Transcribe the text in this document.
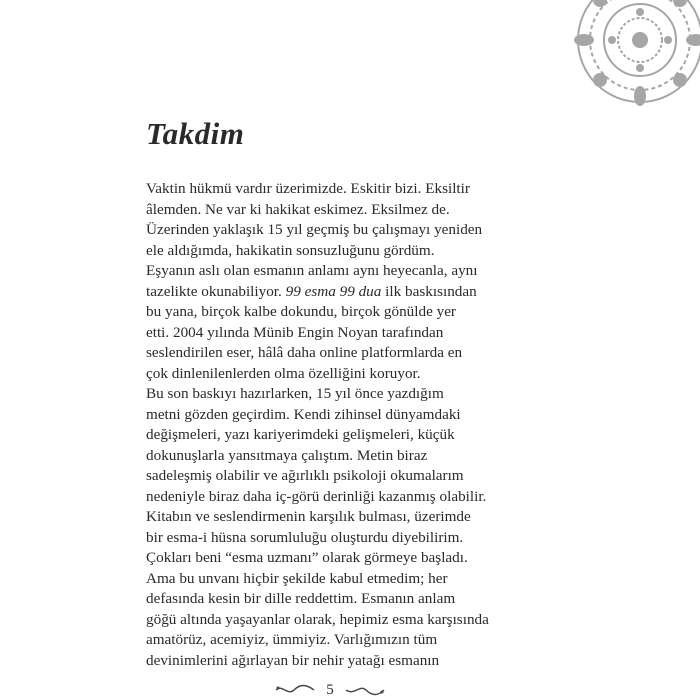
Takdim
Vaktin hükmü vardır üzerimizde. Eskitir bizi. Eksiltir
âlemden. Ne var ki hakikat eskimez. Eksilmez de.
Üzerinden yaklaşık 15 yıl geçmiş bu çalışmayı yeniden
ele aldığımda, hakikatin sonsuzluğunu gördüm.
Eşyanın aslı olan esmanın anlamı aynı heyecanla, aynı
tazelikte okunabiliyor. 99 esma 99 dua ilk baskısından
bu yana, birçok kalbe dokundu, birçok gönülde yer
etti. 2004 yılında Münib Engin Noyan tarafından
seslendirilen eser, hâlâ daha online platformlarda en
çok dinlenilenlerden olma özelliğini koruyor.
Bu son baskıyı hazırlarken, 15 yıl önce yazdığım
metni gözden geçirdim. Kendi zihinsel dünyamdaki
değişmeleri, yazı kariyerimdeki gelişmeleri, küçük
dokunuşlarla yansıtmaya çalıştım. Metin biraz
sadeleşmiş olabilir ve ağırlıklı psikoloji okumalarım
nedeniyle biraz daha iç-görü derinliği kazanmış olabilir.
Kitabın ve seslendirmenin karşılık bulması, üzerimde
bir esma-i hüsna sorumluluğu oluşturdu diyebilirim.
Çokları beni “esma uzmanı” olarak görmeye başladı.
Ama bu unvanı hiçbir şekilde kabul etmedim; her
defasında kesin bir dille reddettim. Esmanın anlam
göğü altında yaşayanlar olarak, hepimiz esma karşısında
amatörüz, acemiyiz, ümmiyiz. Varlığımızın tüm
devinimlerini ağırlayan bir nehir yatağı esmanın
5
